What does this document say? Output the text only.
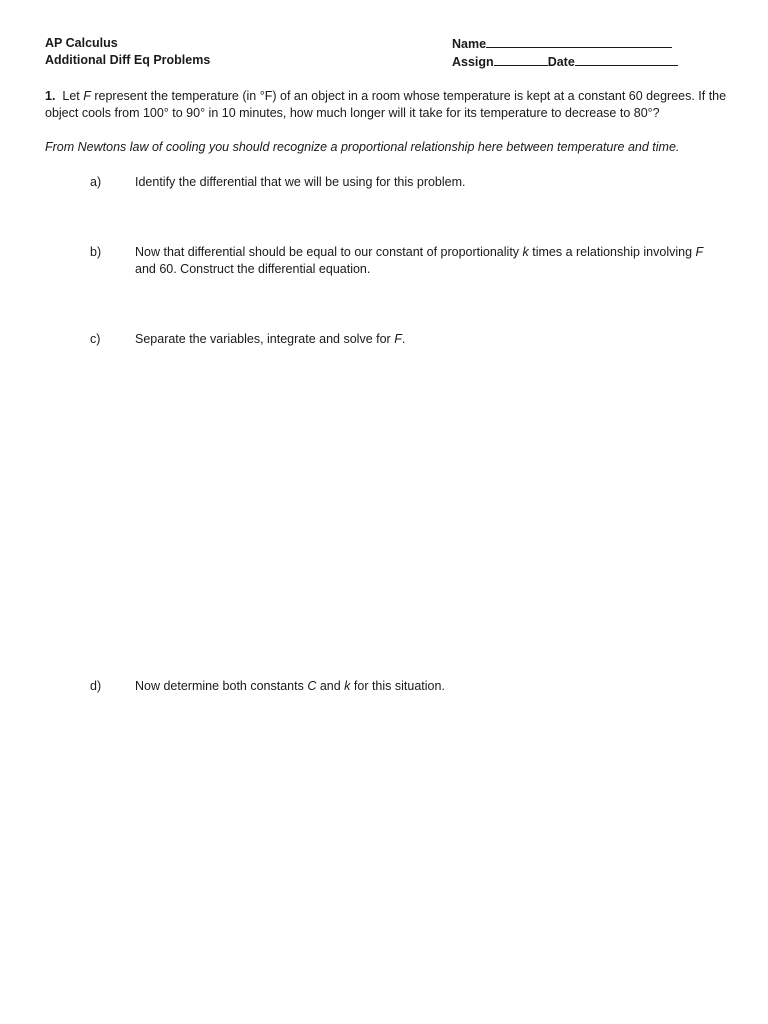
AP Calculus
Additional Diff Eq Problems
Name
Assign	Date
1. Let F represent the temperature (in °F) of an object in a room whose temperature is kept at a constant 60 degrees. If the object cools from 100° to 90° in 10 minutes, how much longer will it take for its temperature to decrease to 80°?
From Newtons law of cooling you should recognize a proportional relationship here between temperature and time.
a)	Identify the differential that we will be using for this problem.
b)	Now that differential should be equal to our constant of proportionality k times a relationship involving F and 60. Construct the differential equation.
c)	Separate the variables, integrate and solve for F.
d)	Now determine both constants C and k for this situation.
